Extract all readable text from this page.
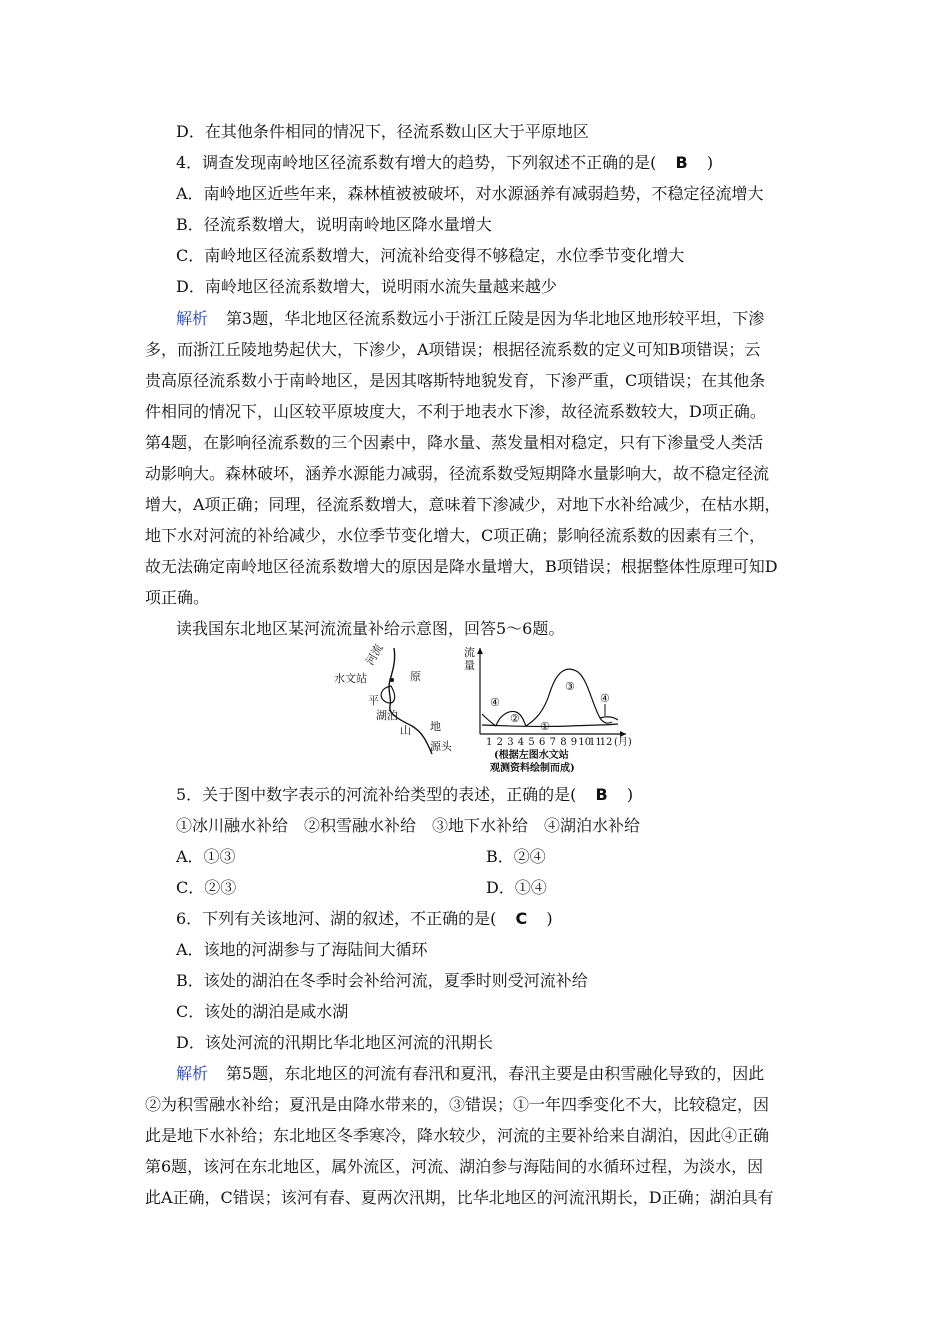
D．在其他条件相同的情况下，径流系数山区大于平原地区
4．调查发现南岭地区径流系数有增大的趋势，下列叙述不正确的是( B )
A．南岭地区近些年来，森林植被被破坏，对水源涵养有减弱趋势，不稳定径流增大
B．径流系数增大，说明南岭地区降水量增大
C．南岭地区径流系数增大，河流补给变得不够稳定，水位季节变化增大
D．南岭地区径流系数增大，说明雨水流失量越来越少
解析 第3题，华北地区径流系数远小于浙江丘陵是因为华北地区地形较平坦，下渗
多，而浙江丘陵地势起伏大，下渗少，A项错误；根据径流系数的定义可知B项错误；云
贵高原径流系数小于南岭地区，是因其喀斯特地貌发育，下渗严重，C项错误；在其他条
件相同的情况下，山区较平原坡度大，不利于地表水下渗，故径流系数较大，D项正确。
第4题，在影响径流系数的三个因素中，降水量、蒸发量相对稳定，只有下渗量受人类活
动影响大。森林破坏，涵养水源能力减弱，径流系数受短期降水量影响大，故不稳定径流
增大，A项正确；同理，径流系数增大，意味着下渗减少，对地下水补给减少，在枯水期，
地下水对河流的补给减少，水位季节变化增大，C项正确；影响径流系数的因素有三个，
故无法确定南岭地区径流系数增大的原因是降水量增大，B项错误；根据整体性原理可知D
项正确。
读我国东北地区某河流流量补给示意图，回答5～6题。
河流
水文站	原
平
湖泊
山 地
源头
流
量
①
②
③
④	④
1 2 3 4 5 6 7 8 9 10
11
12 (月)
(根据左图水文站
观测资料绘制而成)
5．关于图中数字表示的河流补给类型的表述，正确的是( B )
①冰川融水补给　②积雪融水补给　③地下水补给　④湖泊水补给
A．①③	B．②④
C．②③	D．①④
6．下列有关该地河、湖的叙述，不正确的是( C )
A．该地的河湖参与了海陆间大循环
B．该处的湖泊在冬季时会补给河流，夏季时则受河流补给
C．该处的湖泊是咸水湖
D．该处河流的汛期比华北地区河流的汛期长
解析 第5题，东北地区的河流有春汛和夏汛，春汛主要是由积雪融化导致的，因此
②为积雪融水补给；夏汛是由降水带来的，③错误；①一年四季变化不大，比较稳定，因
此是地下水补给；东北地区冬季寒冷，降水较少，河流的主要补给来自湖泊，因此④正确
第6题，该河在东北地区，属外流区，河流、湖泊参与海陆间的水循环过程，为淡水，因
此A正确，C错误；该河有春、夏两次汛期，比华北地区的河流汛期长，D正确；湖泊具有
